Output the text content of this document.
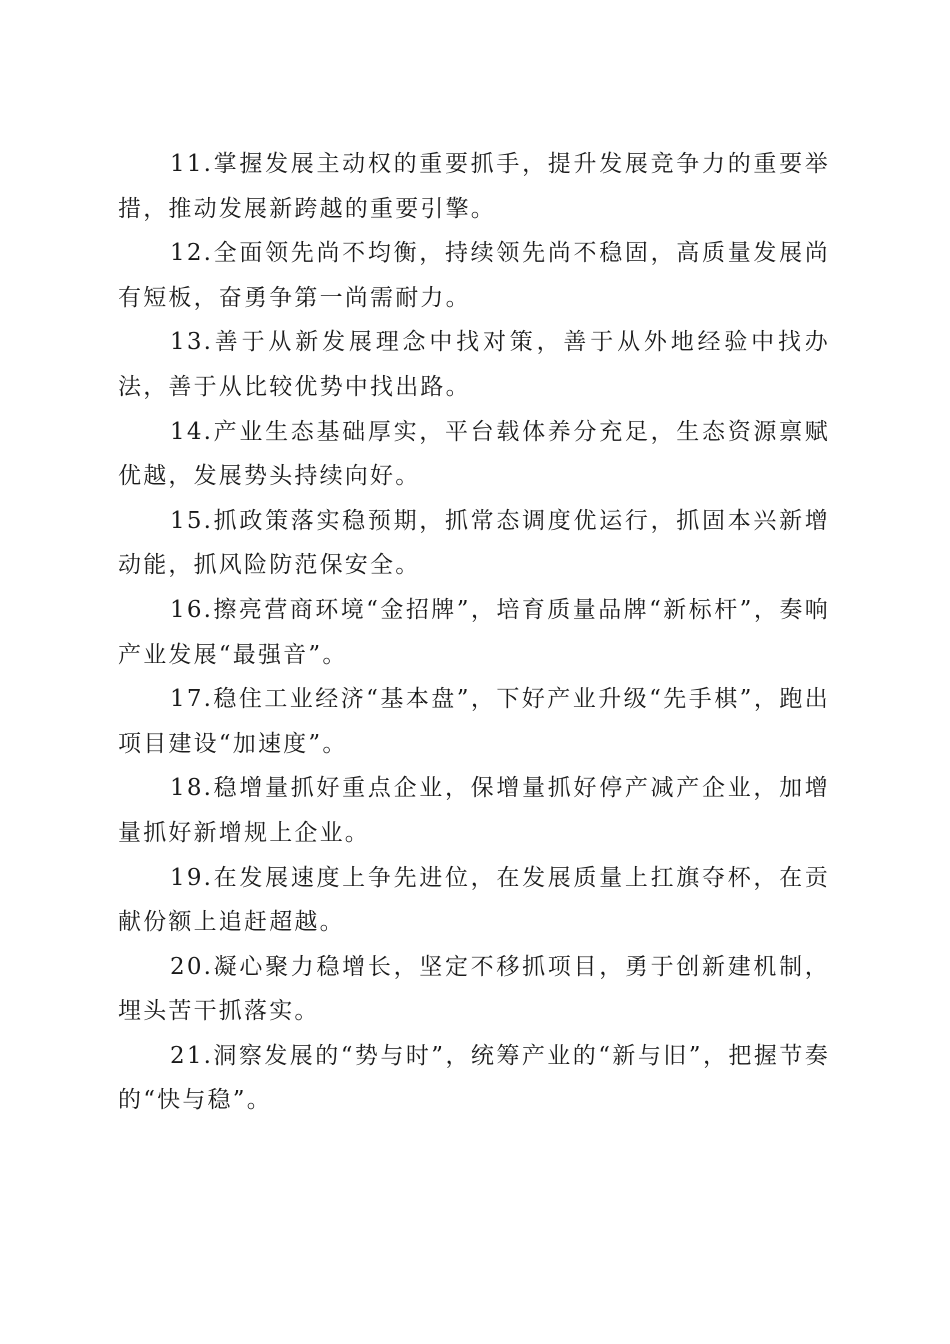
11.掌握发展主动权的重要抓手，提升发展竞争力的重要举措，推动发展新跨越的重要引擎。

12.全面领先尚不均衡，持续领先尚不稳固，高质量发展尚有短板，奋勇争第一尚需耐力。

13.善于从新发展理念中找对策，善于从外地经验中找办法，善于从比较优势中找出路。

14.产业生态基础厚实，平台载体养分充足，生态资源禀赋优越，发展势头持续向好。

15.抓政策落实稳预期，抓常态调度优运行，抓固本兴新增动能，抓风险防范保安全。

16.擦亮营商环境“金招牌”，培育质量品牌“新标杆”，奏响产业发展“最强音”。

17.稳住工业经济“基本盘”，下好产业升级“先手棋”，跑出项目建设“加速度”。

18.稳增量抓好重点企业，保增量抓好停产减产企业，加增量抓好新增规上企业。

19.在发展速度上争先进位，在发展质量上扛旗夺杯，在贡献份额上追赶超越。

20.凝心聚力稳增长，坚定不移抓项目，勇于创新建机制，埋头苦干抓落实。

21.洞察发展的“势与时”，统筹产业的“新与旧”，把握节奏的“快与稳”。
